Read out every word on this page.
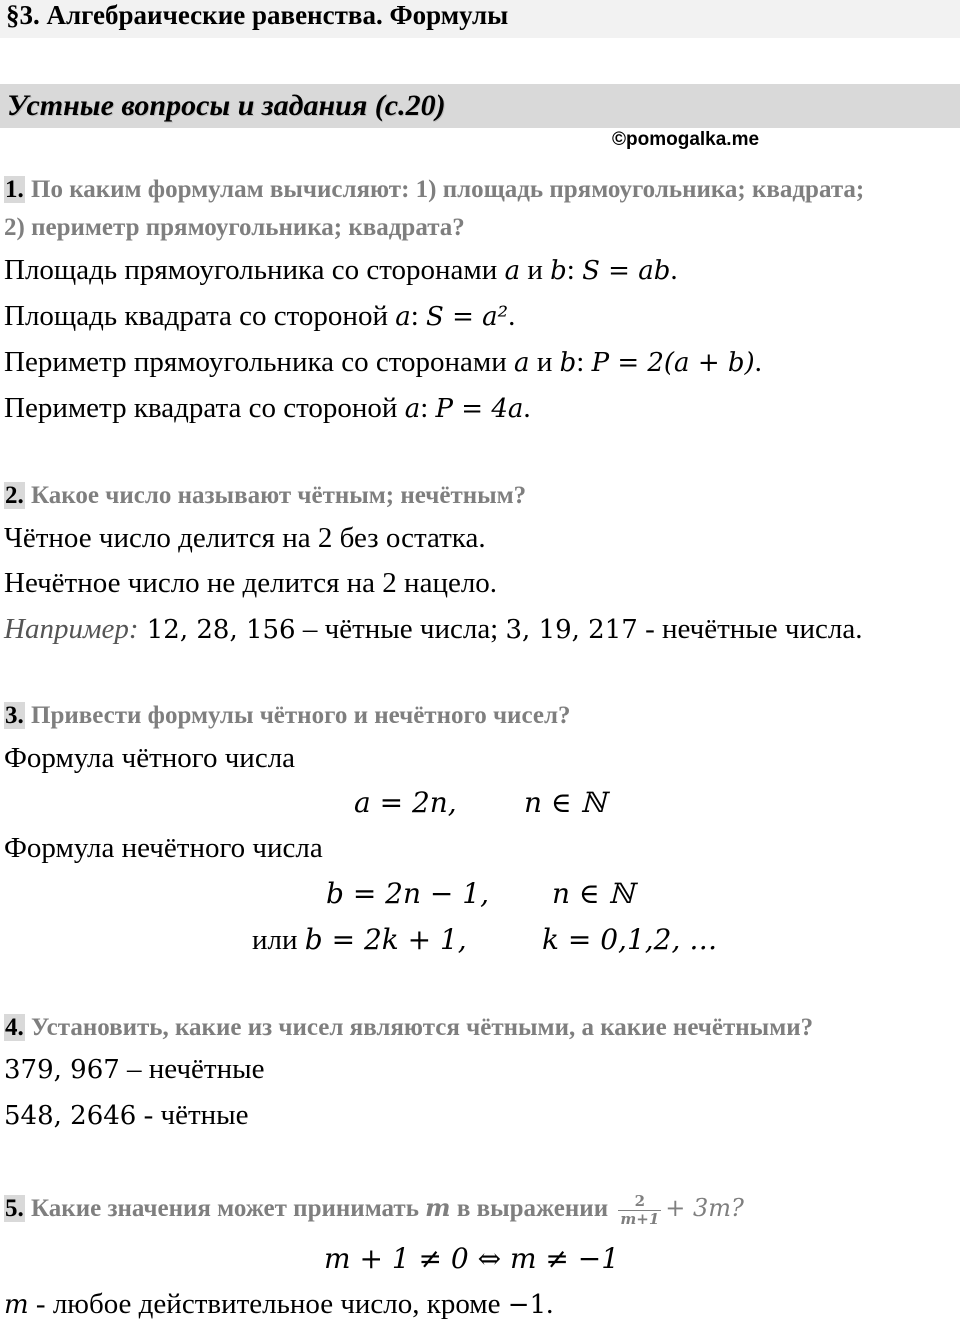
§3. Алгебраические равенства. Формулы
Устные вопросы и задания (с.20)
©pomogalka.me
1. По каким формулам вычисляют: 1) площадь прямоугольника; квадрата;
2) периметр прямоугольника; квадрата?
Площадь прямоугольника со сторонами a и b: S = ab.
Площадь квадрата со стороной a: S = a².
Периметр прямоугольника со сторонами a и b: P = 2(a + b).
Периметр квадрата со стороной a: P = 4a.
2. Какое число называют чётным; нечётным?
Чётное число делится на 2 без остатка.
Нечётное число не делится на 2 нацело.
Например: 12, 28, 156 – чётные числа; 3, 19, 217 - нечётные числа.
3. Привести формулы чётного и нечётного чисел?
Формула чётного числа
a = 2n, n ∈ ℕ
Формула нечётного числа
b = 2n − 1, n ∈ ℕ
или b = 2k + 1,	k = 0,1,2, …
4. Установить, какие из чисел являются чётными, а какие нечётными?
379, 967 – нечётные
548, 2646 - чётные
5. Какие значения может принимать m в выражении $\frac{2}{m+1} + 3m$?
m + 1 ≠ 0 ⇔ m ≠ −1
m - любое действительное число, кроме −1.
